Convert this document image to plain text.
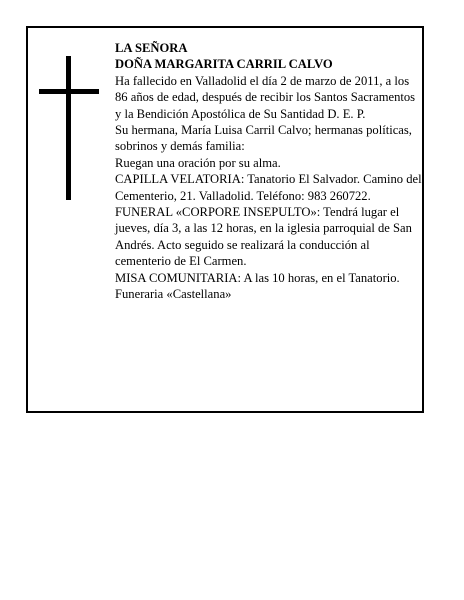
LA SEÑORA

DOÑA MARGARITA CARRIL CALVO

Ha fallecido en Valladolid el día 2 de marzo de 2011, a los 86 años de edad, después de recibir los Santos Sacramentos y la Bendición Apostólica de Su Santidad D. E. P.

Su hermana, María Luisa Carril Calvo; hermanas políticas, sobrinos y demás familia:

Ruegan una oración por su alma.

CAPILLA VELATORIA: Tanatorio El Salvador. Camino del Cementerio, 21. Valladolid. Teléfono: 983 260722.

FUNERAL «CORPORE INSEPULTO»: Tendrá lugar el jueves, día 3, a las 12 horas, en la iglesia parroquial de San Andrés. Acto seguido se realizará la conducción al cementerio de El Carmen.

MISA COMUNITARIA: A las 10 horas, en el Tanatorio.

Funeraria «Castellana»
